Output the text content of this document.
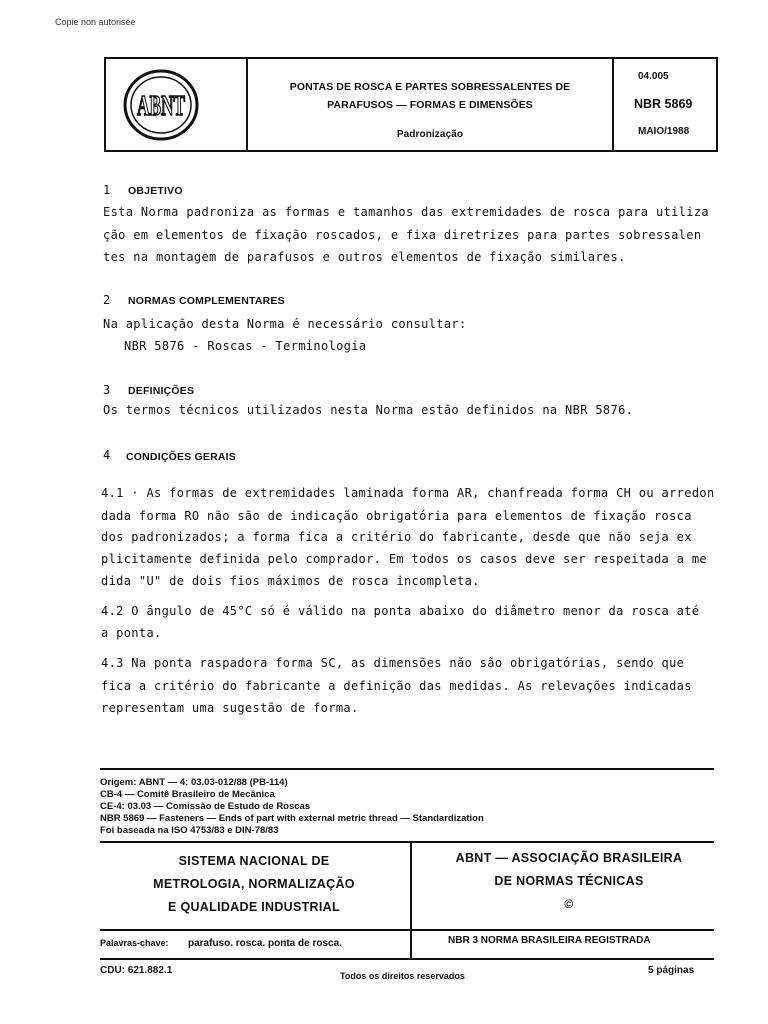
Copie non autorisée
ABNT
PONTAS DE ROSCA E PARTES SOBRESSALENTES DE
PARAFUSOS — FORMAS E DIMENSÕES
Padronização
04.005
NBR 5869
MAIO/1988
1 OBJETIVO
Esta Norma padroniza as formas e tamanhos das extremidades de rosca para utiliza
ção em elementos de fixação roscados, e fixa diretrizes para partes sobressalen
tes na montagem de parafusos e outros elementos de fixação similares.
2 NORMAS COMPLEMENTARES
Na aplicação desta Norma é necessário consultar:
NBR 5876 - Roscas - Terminologia
3 DEFINIÇÕES
Os termos técnicos utilizados nesta Norma estão definidos na NBR 5876.
4 CONDIÇÕES GERAIS
4.1 · As formas de extremidades laminada forma AR, chanfreada forma CH ou arredon
dada forma RO não são de indicação obrigatória para elementos de fixação rosca
dos padronizados; a forma fica a critério do fabricante, desde que não seja ex
plicitamente definida pelo comprador. Em todos os casos deve ser respeitada a me
dida "U" de dois fios máximos de rosca incompleta.
4.2 O ângulo de 45°C só é válido na ponta abaixo do diâmetro menor da rosca até
a ponta.
4.3 Na ponta raspadora forma SC, as dimensões não são obrigatórias, sendo que
fica a critério do fabricante a definição das medidas. As relevações indicadas
representam uma sugestão de forma.
Origem: ABNT — 4: 03.03-012/88 (PB-114)
CB-4 — Comitê Brasileiro de Mecânica
CE-4: 03.03 — Comissão de Estudo de Roscas
NBR 5869 — Fasteners — Ends of part with external metric thread — Standardization
Foi baseada na ISO 4753/83 e DIN-78/83
SISTEMA NACIONAL DE
METROLOGIA, NORMALIZAÇÃO
E QUALIDADE INDUSTRIAL
ABNT — ASSOCIAÇÃO BRASILEIRA
DE NORMAS TÉCNICAS
©
Palavras-chave: parafuso. rosca. ponta de rosca.	NBR 3 NORMA BRASILEIRA REGISTRADA
CDU: 621.882.1	Todos os direitos reservados	5 páginas
